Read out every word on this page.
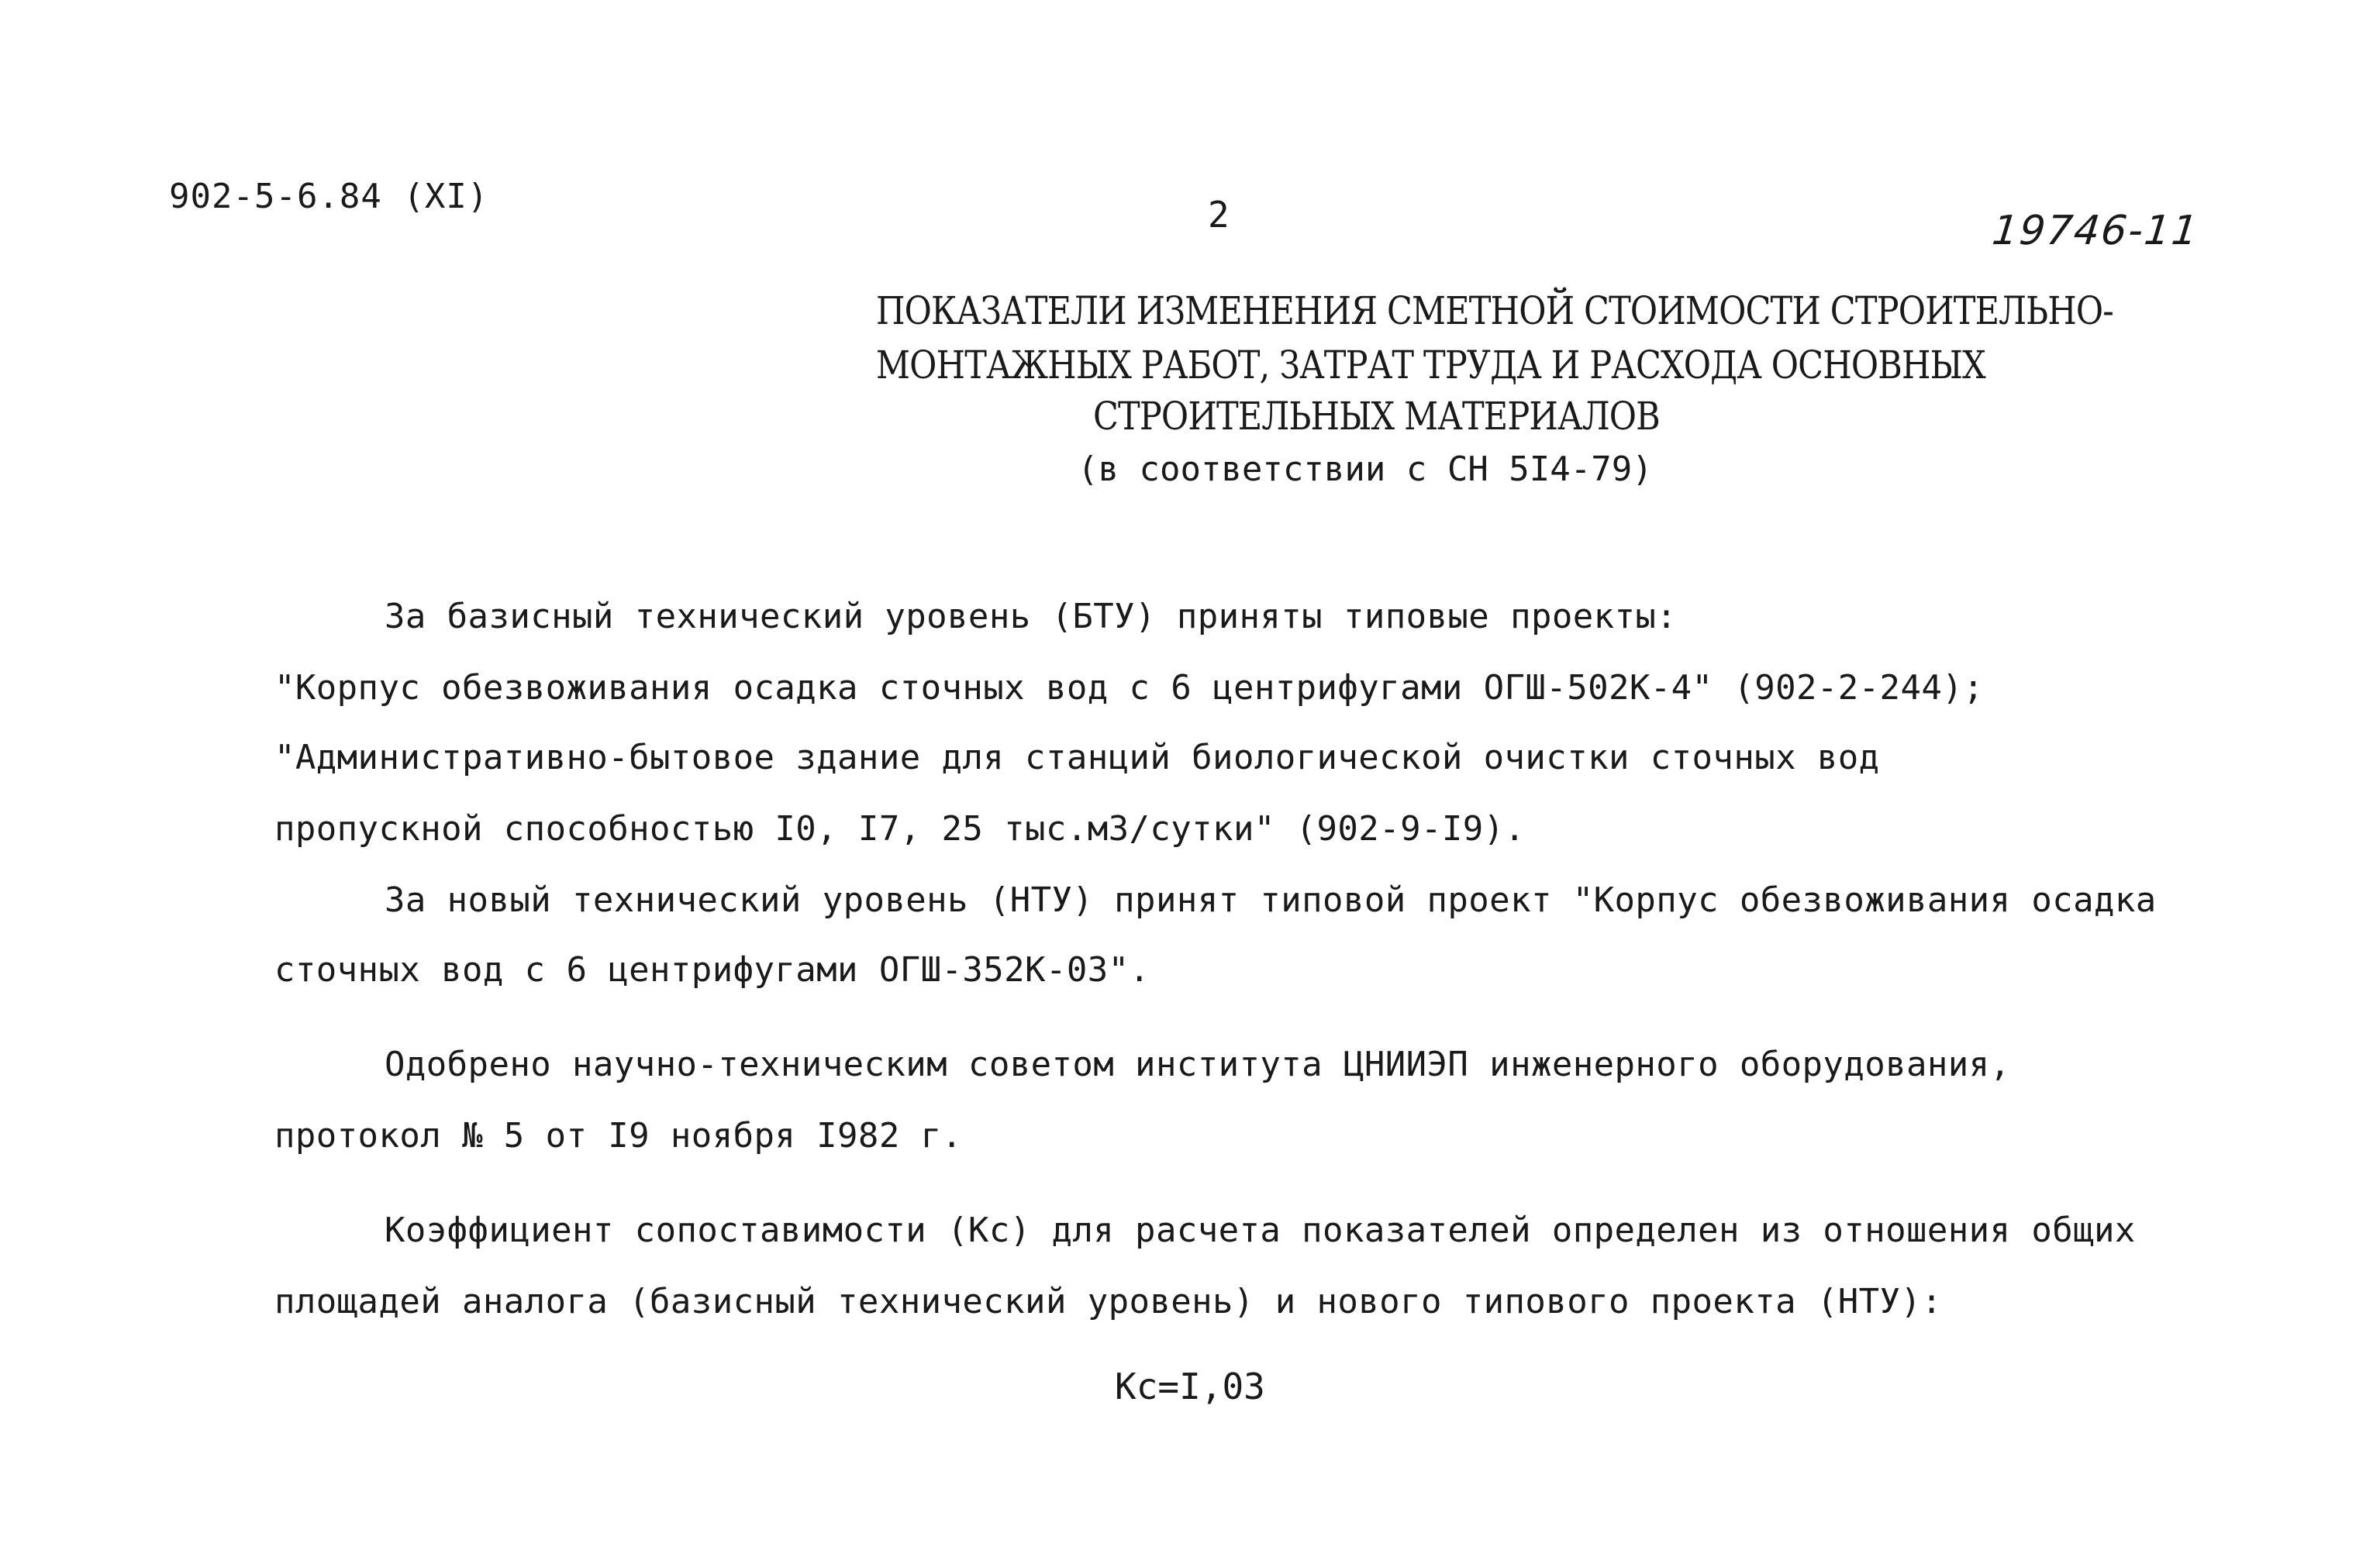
902-5-6.84 (XI)	2	19746-11
ПОКАЗАТЕЛИ ИЗМЕНЕНИЯ СМЕТНОЙ СТОИМОСТИ СТРОИТЕЛЬНО-
МОНТАЖНЫХ РАБОТ, ЗАТРАТ ТРУДА И РАСХОДА ОСНОВНЫХ
СТРОИТЕЛЬНЫХ МАТЕРИАЛОВ
(в соответствии с СН 5I4-79)
За базисный технический уровень (БТУ) приняты типовые проекты:
"Корпус обезвоживания осадка сточных вод с 6 центрифугами ОГШ-502К-4" (902-2-244);
"Административно-бытовое здание для станций биологической очистки сточных вод
пропускной способностью I0, I7, 25 тыс.м3/сутки" (902-9-I9).
За новый технический уровень (НТУ) принят типовой проект "Корпус обезвоживания осадка
сточных вод с 6 центрифугами ОГШ-352К-03".
Одобрено научно-техническим советом института ЦНИИЭП инженерного оборудования,
протокол № 5 от I9 ноября I982 г.
Коэффициент сопоставимости (Кс) для расчета показателей определен из отношения общих
площадей аналога (базисный технический уровень) и нового типового проекта (НТУ):
Кс=I,03
